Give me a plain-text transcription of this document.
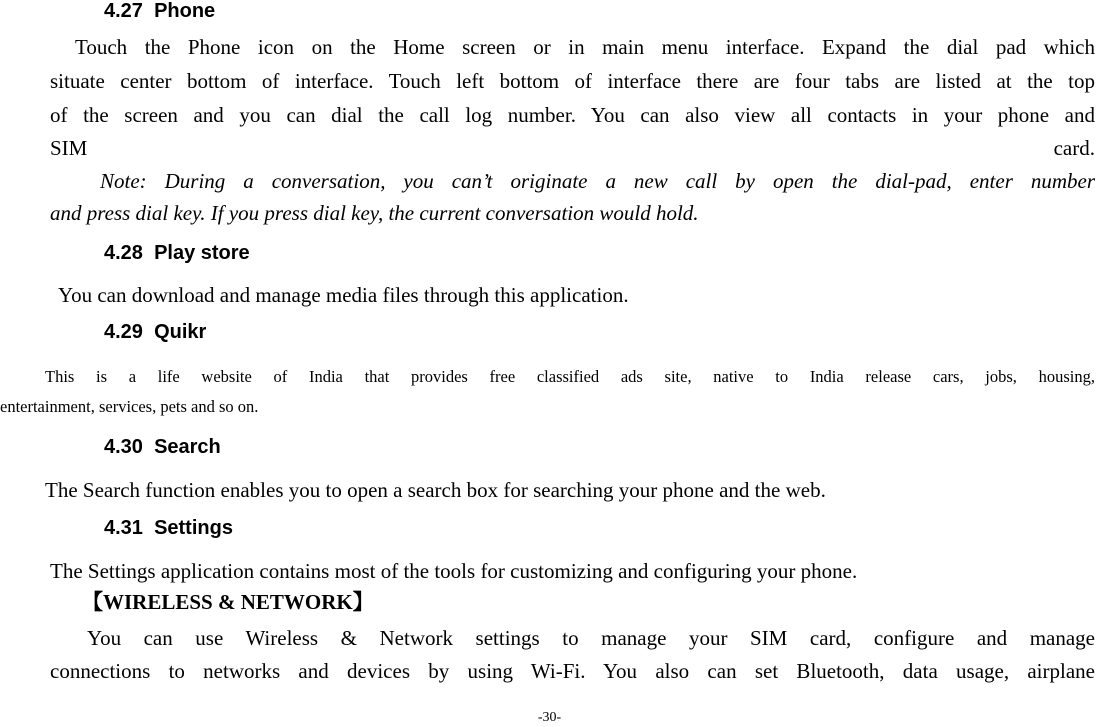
4.27 Phone
Touch the Phone icon on the Home screen or in main menu interface. Expand the dial pad which
situate center bottom of interface. Touch left bottom of interface there are four tabs are listed at the top
of the screen and you can dial the call log number. You can also view all contacts in your phone and
SIM card.
Note: During a conversation, you can’t originate a new call by open the dial-pad, enter number
and press dial key. If you press dial key, the current conversation would hold.
4.28 Play store
You can download and manage media files through this application.
4.29 Quikr
This is a life website of India that provides free classified ads site, native to India release cars, jobs, housing,
entertainment, services, pets and so on.
4.30 Search
The Search function enables you to open a search box for searching your phone and the web.
4.31 Settings
The Settings application contains most of the tools for customizing and configuring your phone.
【WIRELESS & NETWORK】
You can use Wireless & Network settings to manage your SIM card, configure and manage
connections to networks and devices by using Wi-Fi. You also can set Bluetooth, data usage, airplane
-30-
